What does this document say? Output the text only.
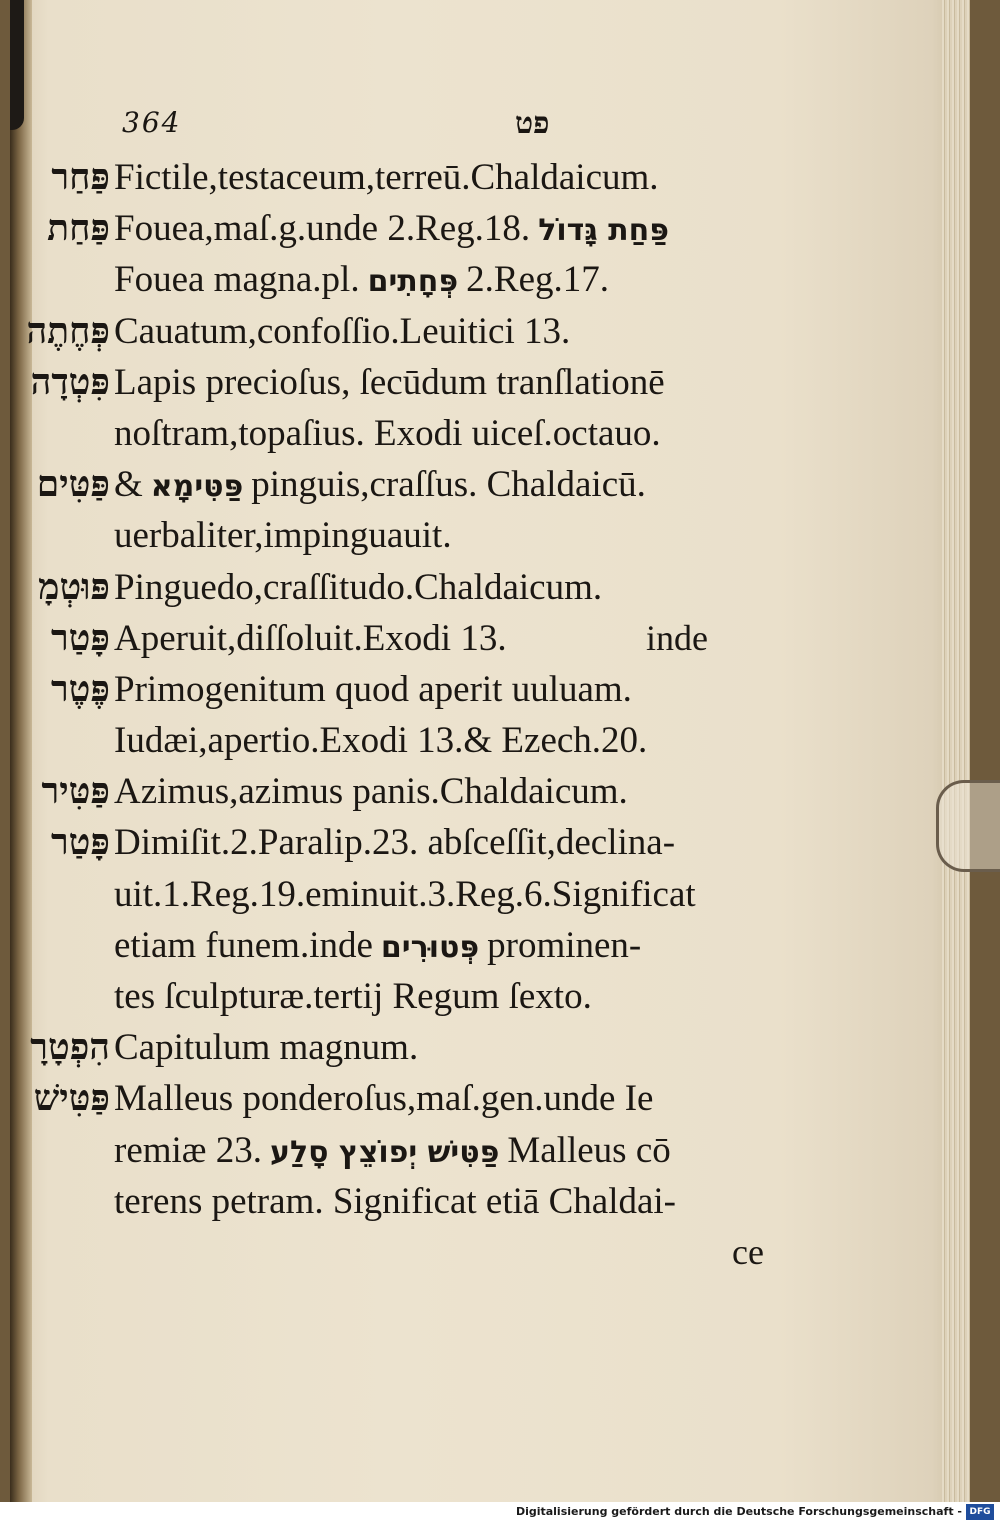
364	פט
פַּחַר Fictile,testaceum,terreū.Chaldaicum.
פַּחַת Fouea,maſ.g.unde 2.Reg.18. פַּחַת גָּדוֹל
Fouea magna.pl. פְּחָתִים 2.Reg.17.
פְּחֶתֶה Cauatum,confoſſio.Leuitici 13.
פִּטְדָה Lapis precioſus, ſecūdum tranſlationē
noſtram,topaſius. Exodi uiceſ.octauo.
פַּטִּים & פַּטִּימָא pinguis,craſſus. Chaldaicū.
uerbaliter,impinguauit.
פּוּטְמָ Pinguedo,craſſitudo.Chaldaicum.
פָּטַר Aperuit,diſſoluit.Exodi 13.	inde
פֶּטֶר Primogenitum quod aperit uuluam.
Iudæi,apertio.Exodi 13.& Ezech.20.
פַּטִּיר Azimus,azimus panis.Chaldaicum.
פָּטַר Dimiſit.2.Paralip.23. abſceſſit,declina-
uit.1.Reg.19.eminuit.3.Reg.6.Significat
etiam funem.inde פְּטוּרִים prominen-
tes ſculpturæ.tertij Regum ſexto.
הִפְטָרָ Capitulum magnum.
פַּטִּישׁ Malleus ponderoſus,maſ.gen.unde Ie
remiæ 23. פַּטִּישׁ יְפוֹצֵץ סָלַע Malleus cō
terens petram. Significat etiā Chaldai-
ce
Digitalisierung gefördert durch die Deutsche Forschungsgemeinschaft - DFG
